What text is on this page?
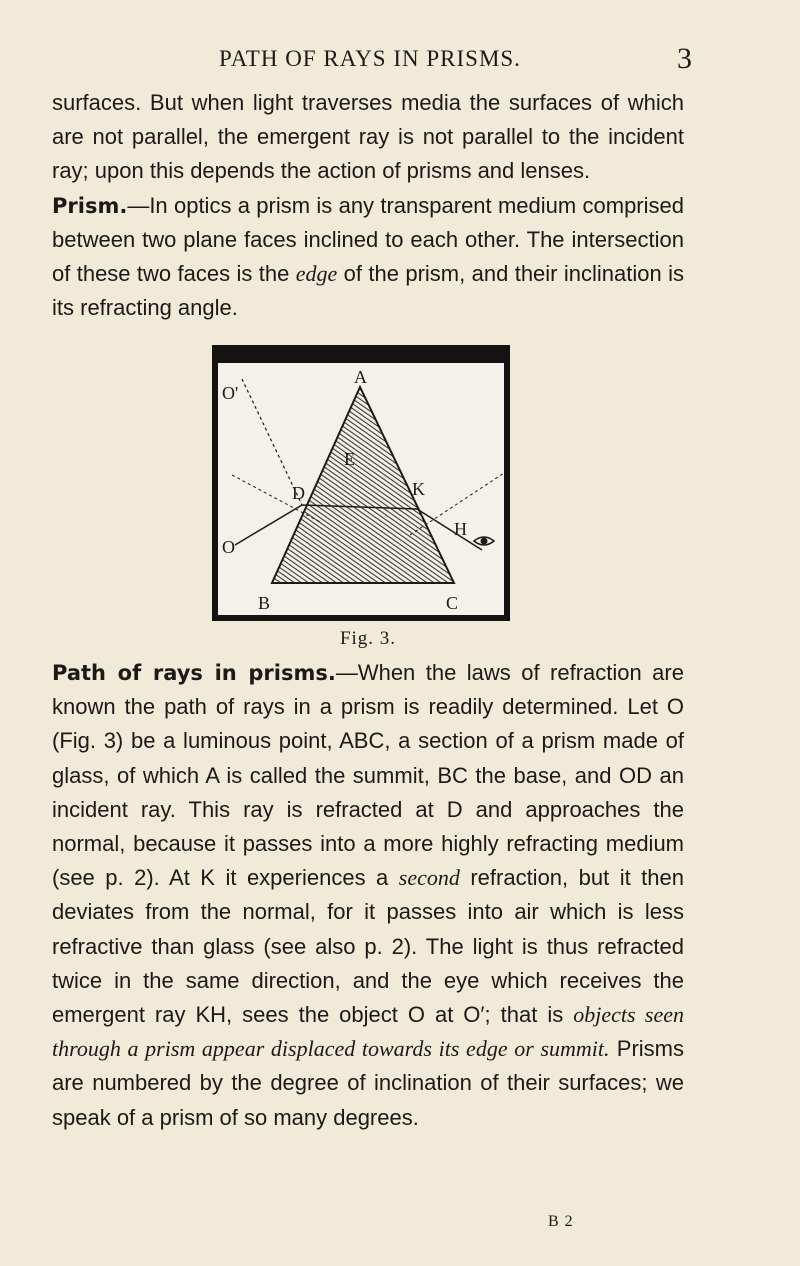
PATH OF RAYS IN PRISMS.	3

surfaces. But when light traverses media the surfaces of which are not parallel, the emergent ray is not parallel to the incident ray; upon this depends the action of prisms and lenses.

Prism.—In optics a prism is any transparent medium comprised between two plane faces inclined to each other. The intersection of these two faces is the edge of the prism, and their inclination is its refracting angle.

A
B	C
D
E
K
H
O
O'
Fig. 3.

Path of rays in prisms.—When the laws of refraction are known the path of rays in a prism is readily determined. Let O (Fig. 3) be a luminous point, ABC, a section of a prism made of glass, of which A is called the summit, BC the base, and OD an incident ray. This ray is refracted at D and approaches the normal, because it passes into a more highly refracting medium (see p. 2). At K it experiences a second refraction, but it then deviates from the normal, for it passes into air which is less refractive than glass (see also p. 2). The light is thus refracted twice in the same direction, and the eye which receives the emergent ray KH, sees the object O at O′; that is objects seen through a prism appear displaced towards its edge or summit. Prisms are numbered by the degree of inclination of their surfaces; we speak of a prism of so many degrees.

B 2
